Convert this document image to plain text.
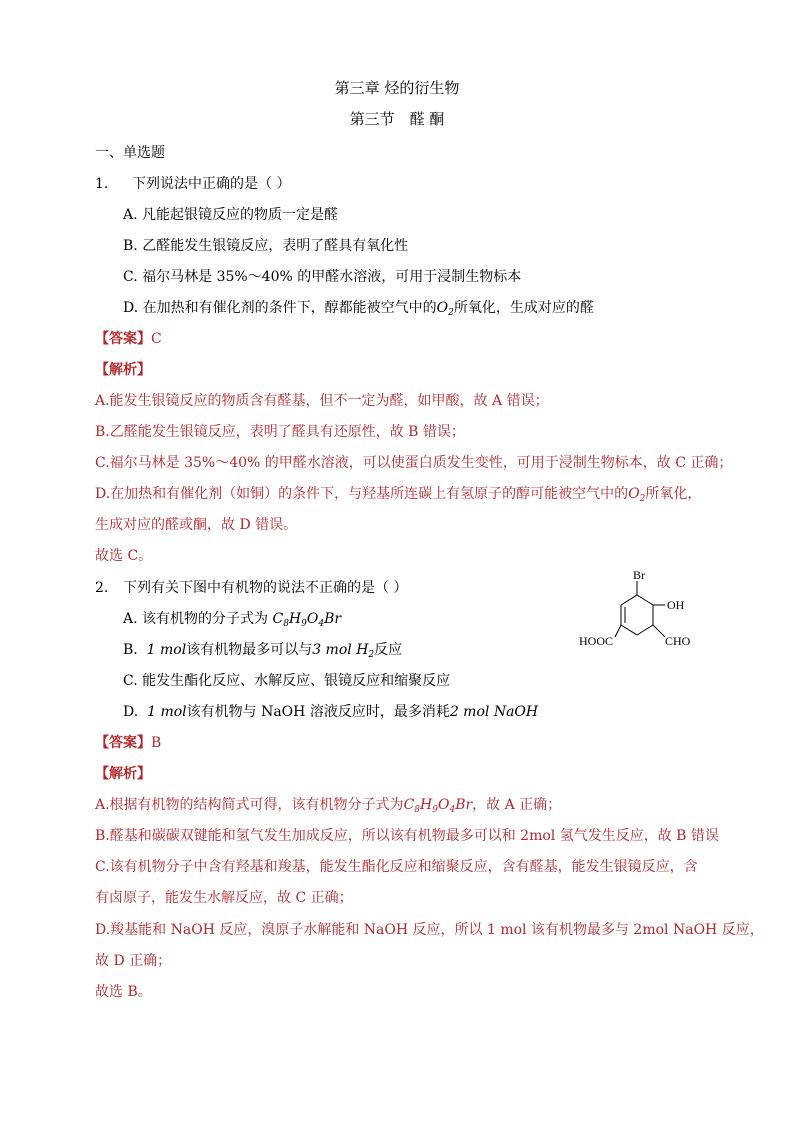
第三章 烃的衍生物
第三节　醛 酮
一、单选题
1. 下列说法中正确的是（ ）
A. 凡能起银镜反应的物质一定是醛
B. 乙醛能发生银镜反应，表明了醛具有氧化性
C. 福尔马林是 35%～40% 的甲醛水溶液，可用于浸制生物标本
D. 在加热和有催化剂的条件下，醇都能被空气中的$O_2$所氧化，生成对应的醛
【答案】C
【解析】
A.能发生银镜反应的物质含有醛基，但不一定为醛，如甲酸，故 A 错误；
B.乙醛能发生银镜反应，表明了醛具有还原性，故 B 错误；
C.福尔马林是 35%～40% 的甲醛水溶液，可以使蛋白质发生变性，可用于浸制生物标本，故 C 正确；
D.在加热和有催化剂（如铜）的条件下，与羟基所连碳上有氢原子的醇可能被空气中的$O_2$所氧化，
生成对应的醛或酮，故 D 错误。
故选 C。
2. 下列有关下图中有机物的说法不正确的是（ ）
A. 该有机物的分子式为 $C_8H_9O_4Br$
B. 1 mol该有机物最多可以与3 mol $H_2$反应
C. 能发生酯化反应、水解反应、银镜反应和缩聚反应
D. 1 mol该有机物与 NaOH 溶液反应时，最多消耗2 mol NaOH
Br
OH
HOOC	CHO
【答案】B
【解析】
A.根据有机物的结构简式可得，该有机物分子式为$C_8H_9O_4Br$，故 A 正确；
B.醛基和碳碳双键能和氢气发生加成反应，所以该有机物最多可以和 2mol 氢气发生反应，故 B 错误
C.该有机物分子中含有羟基和羧基，能发生酯化反应和缩聚反应，含有醛基，能发生银镜反应，含
有卤原子，能发生水解反应，故 C 正确；
D.羧基能和 NaOH 反应，溴原子水解能和 NaOH 反应，所以 1 mol 该有机物最多与 2mol NaOH 反应，
故 D 正确；
故选 B。
